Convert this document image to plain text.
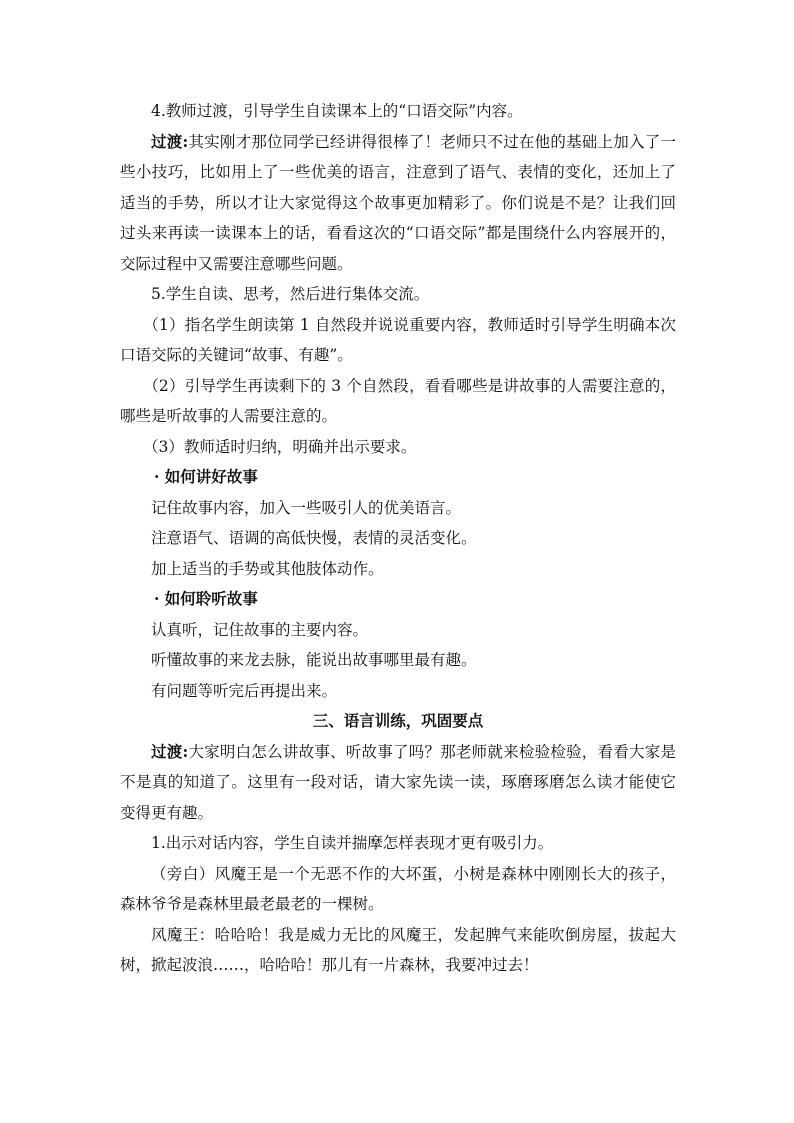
4.教师过渡，引导学生自读课本上的“口语交际”内容。

过渡:其实刚才那位同学已经讲得很棒了！老师只不过在他的基础上加入了一些小技巧，比如用上了一些优美的语言，注意到了语气、表情的变化，还加上了适当的手势，所以才让大家觉得这个故事更加精彩了。你们说是不是？让我们回过头来再读一读课本上的话，看看这次的“口语交际”都是围绕什么内容展开的，交际过程中又需要注意哪些问题。

5.学生自读、思考，然后进行集体交流。

（1）指名学生朗读第 1 自然段并说说重要内容，教师适时引导学生明确本次口语交际的关键词“故事、有趣”。

（2）引导学生再读剩下的 3 个自然段，看看哪些是讲故事的人需要注意的，哪些是听故事的人需要注意的。

（3）教师适时归纳，明确并出示要求。

· 如何讲好故事

记住故事内容，加入一些吸引人的优美语言。

注意语气、语调的高低快慢，表情的灵活变化。

加上适当的手势或其他肢体动作。

· 如何聆听故事

认真听，记住故事的主要内容。

听懂故事的来龙去脉，能说出故事哪里最有趣。

有问题等听完后再提出来。

三、语言训练，巩固要点

过渡:大家明白怎么讲故事、听故事了吗？那老师就来检验检验，看看大家是不是真的知道了。这里有一段对话，请大家先读一读，琢磨琢磨怎么读才能使它变得更有趣。

1.出示对话内容，学生自读并揣摩怎样表现才更有吸引力。

（旁白）风魔王是一个无恶不作的大坏蛋，小树是森林中刚刚长大的孩子，森林爷爷是森林里最老最老的一棵树。

风魔王：哈哈哈！我是威力无比的风魔王，发起脾气来能吹倒房屋，拔起大树，掀起波浪……，哈哈哈！那儿有一片森林，我要冲过去！
